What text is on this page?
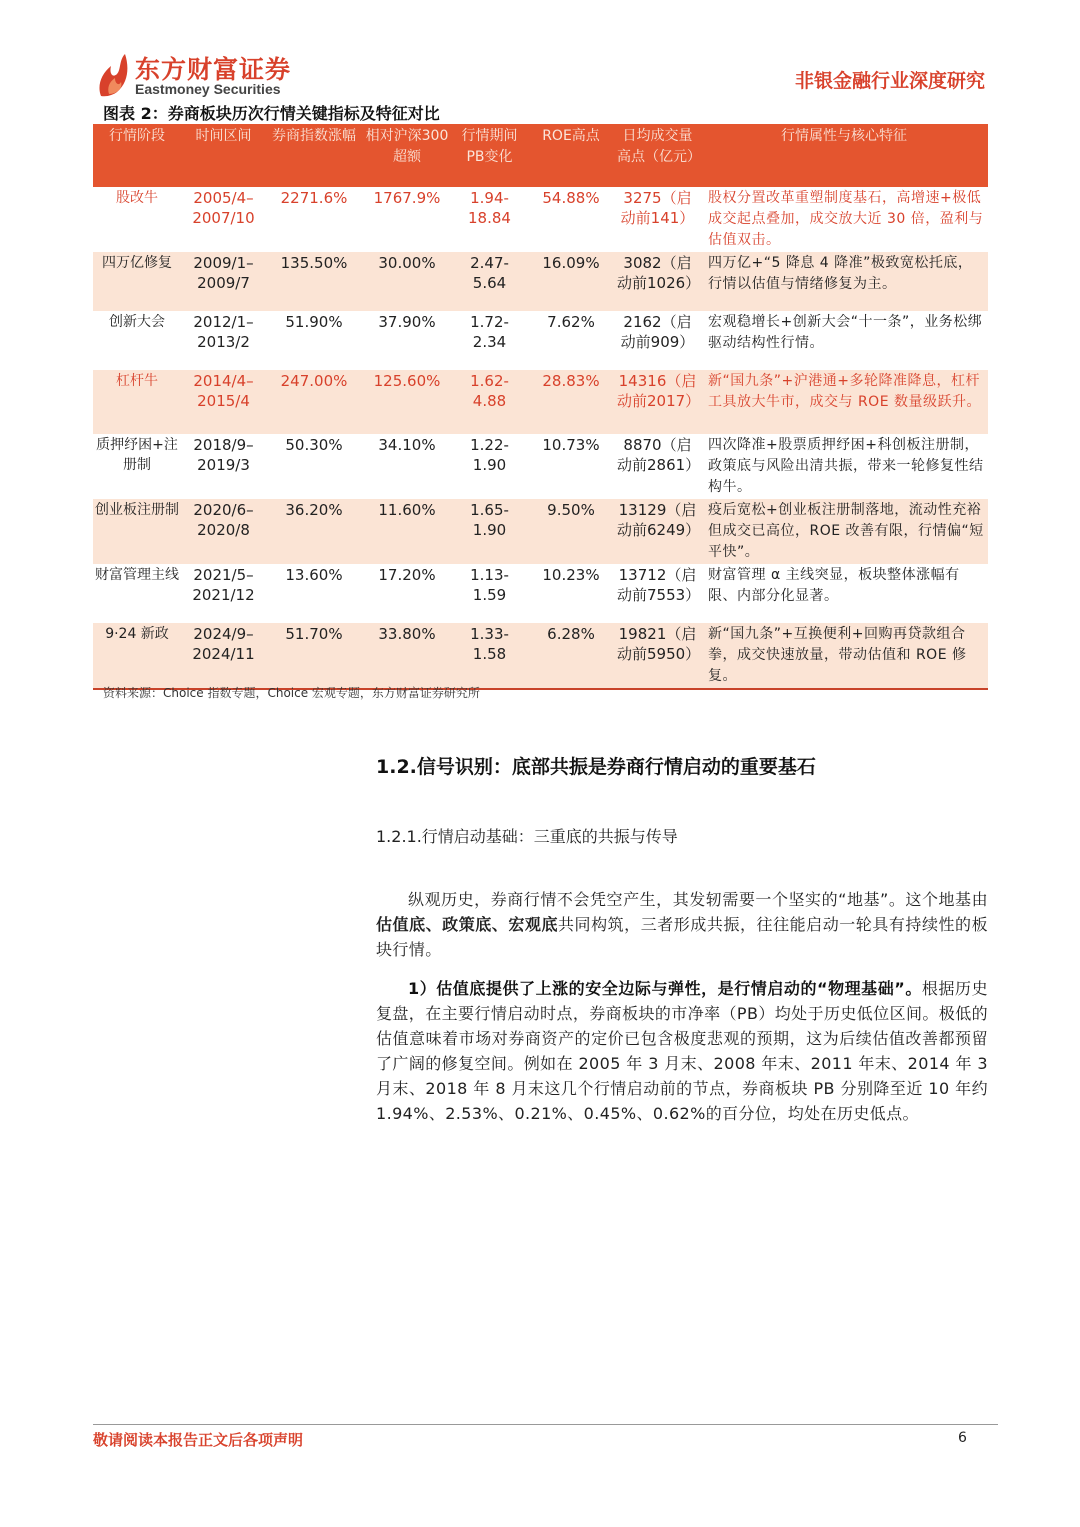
东方财富证券
Eastmoney Securities	非银金融行业深度研究
图表 2：券商板块历次行情关键指标及特征对比
行情阶段	时间区间	券商指数涨幅	相对沪深300超额	行情期间PB变化	ROE高点	日均成交量高点（亿元）	行情属性与核心特征
股改牛	2005/4–2007/10	2271.6%	1767.9%	1.94-18.84	54.88%	3275（启动前141）	股权分置改革重塑制度基石，高增速+极低成交起点叠加，成交放大近 30 倍，盈利与估值双击。
四万亿修复	2009/1–2009/7	135.50%	30.00%	2.47-5.64	16.09%	3082（启动前1026）	四万亿+“5 降息 4 降准”极致宽松托底，行情以估值与情绪修复为主。
创新大会	2012/1–2013/2	51.90%	37.90%	1.72-2.34	7.62%	2162（启动前909）	宏观稳增长+创新大会“十一条”，业务松绑驱动结构性行情。
杠杆牛	2014/4–2015/4	247.00%	125.60%	1.62-4.88	28.83%	14316（启动前2017）	新“国九条”+沪港通+多轮降准降息，杠杆工具放大牛市，成交与 ROE 数量级跃升。
质押纾困+注册制	2018/9–2019/3	50.30%	34.10%	1.22-1.90	10.73%	8870（启动前2861）	四次降准+股票质押纾困+科创板注册制，政策底与风险出清共振，带来一轮修复性结构牛。
创业板注册制	2020/6–2020/8	36.20%	11.60%	1.65-1.90	9.50%	13129（启动前6249）	疫后宽松+创业板注册制落地，流动性充裕但成交已高位，ROE 改善有限，行情偏“短平快”。
财富管理主线	2021/5–2021/12	13.60%	17.20%	1.13-1.59	10.23%	13712（启动前7553）	财富管理 α 主线突显，板块整体涨幅有限、内部分化显著。
9·24 新政	2024/9–2024/11	51.70%	33.80%	1.33-1.58	6.28%	19821（启动前5950）	新“国九条”+互换便利+回购再贷款组合拳，成交快速放量，带动估值和 ROE 修复。
资料来源：Choice 指数专题，Choice 宏观专题，东方财富证券研究所
1.2.信号识别：底部共振是券商行情启动的重要基石
1.2.1.行情启动基础：三重底的共振与传导
纵观历史，券商行情不会凭空产生，其发轫需要一个坚实的“地基”。这个地基由估值底、政策底、宏观底共同构筑，三者形成共振，往往能启动一轮具有持续性的板块行情。
1）估值底提供了上涨的安全边际与弹性，是行情启动的“物理基础”。根据历史复盘，在主要行情启动时点，券商板块的市净率（PB）均处于历史低位区间。极低的估值意味着市场对券商资产的定价已包含极度悲观的预期，这为后续估值改善都预留了广阔的修复空间。例如在 2005 年 3 月末、2008 年末、2011 年末、2014 年 3 月末、2018 年 8 月末这几个行情启动前的节点，券商板块 PB 分别降至近 10 年约 1.94%、2.53%、0.21%、0.45%、0.62%的百分位，均处在历史低点。
敬请阅读本报告正文后各项声明	6
